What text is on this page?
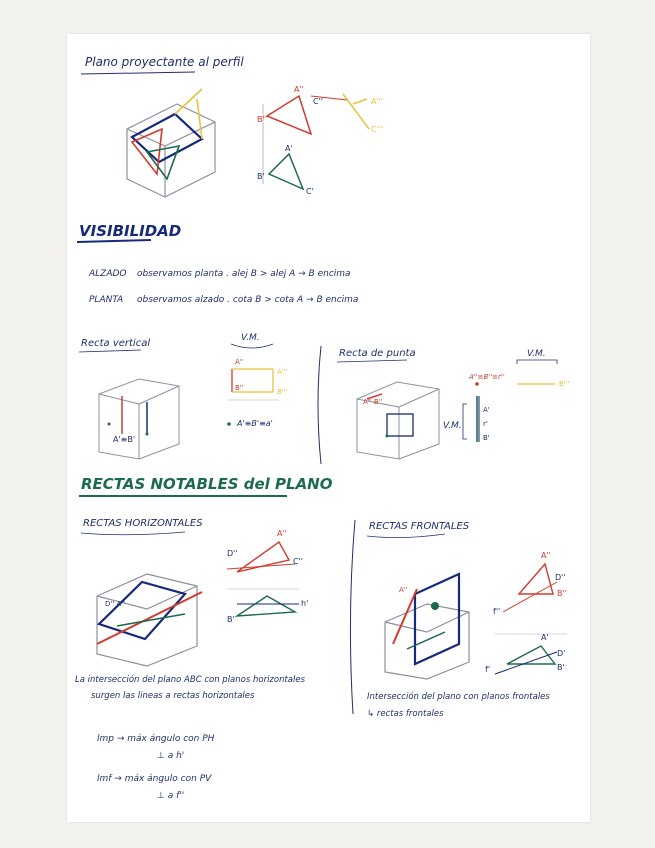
Plano proyectante al perfil
B''
A''
C''	A'''
C'''
B'
A'
C'
VISIBILIDAD
ALZADO observamos planta . alej B > alej A → B encima
PLANTA observamos alzado . cota B > cota A → B encima
Recta vertical
A'≡B'
V.M.
A''
B''
A'''
B'''
A'≡B'≡a'
Recta de punta
A'' B''
V.M.
A'
r'
B'
B'''
A''≡B''≡r''
V.M.
RECTAS NOTABLES del PLANO
RECTAS HORIZONTALES
D'' A''
D''
A''
C''
h'
B'
La intersección del plano ABC con planos horizontales
surgen las lineas a rectas horizontales
lmp → máx ángulo con PH
⊥ a h'
lmf → máx ángulo con PV
⊥ a f''
RECTAS FRONTALES
A''
A''
D''
B''
f''
A'
D'
f'	B'
Intersección del plano con planos frontales
↳ rectas frontales
